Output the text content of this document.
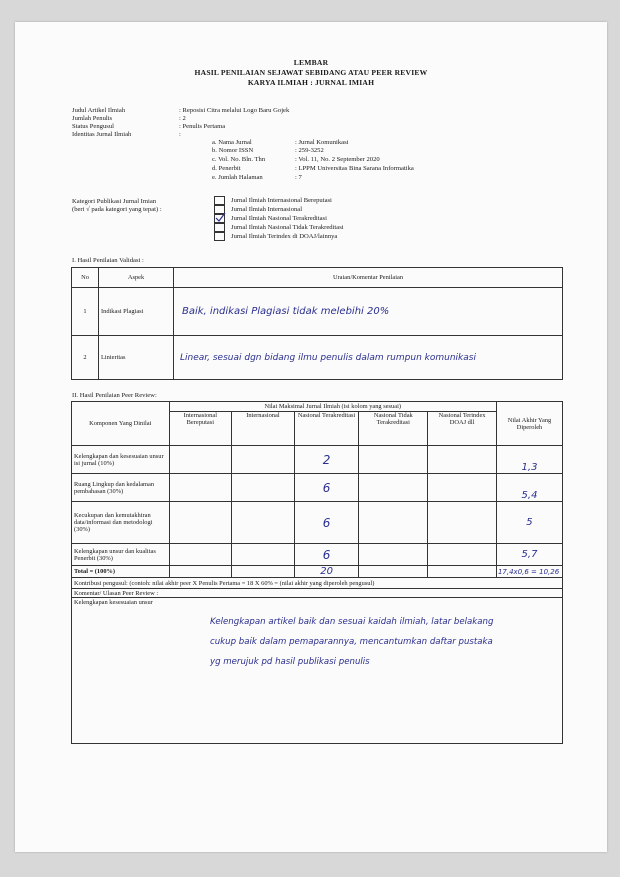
LEMBAR
HASIL PENILAIAN SEJAWAT SEBIDANG ATAU PEER REVIEW
KARYA ILMIAH : JURNAL IMIAH
Judul Artikel Ilmiah	: Reposisi Citra melalui Logo Baru Gojek
Jumlah Penulis	: 2
Status Pengusul	: Penulis Pertama
Identitas Jurnal Ilmiah	:
a. Nama Jurnal	: Jurnal Komunikasi
b. Nomor ISSN	: 259-3252
c. Vol. No. Bln. Thn	: Vol. 11, No. 2 September 2020
d. Penerbit	: LPPM Universitas Bina Sarana Informatika
e. Jumlah Halaman	: 7
Kategori Publikasi Jurnal Imian
(beri √ pada kategori yang tepat) :
Jurnal Ilmiah Internasional Bereputasi
Jurnal Ilmiah Internasional
Jurnal Ilmiah Nasional Terakreditasi
Jurnal Ilmiah Nasional Tidak Terakreditasi
Jurnal Ilmiah Terindex di DOAJ/lainnya
I. Hasil Penilaian Validasi :
No	Aspek	Uraian/Komentar Penilaian
1	Indikasi Plagiasi	Baik, indikasi Plagiasi tidak melebihi 20%
2	Linieritas	Linear, sesuai dgn bidang ilmu penulis dalam rumpun komunikasi
II. Hasil Penilaian Peer Review:
Komponen Yang Dinilai	Nilai Maksimal Jurnal Ilmiah (isi kolom yang sesuai)					Nilai Akhir Yang Diperoleh
	Internasional Bereputasi	Internasional	Nasional Terakreditasi	Nasional Tidak Terakreditasi	Nasional Terindex DOAJ dll	
Kelengkapan dan kesesuaian unsur isi jurnal (10%)			2			1,3
Ruang Lingkup dan kedalaman pembahasan (30%)			6			5,4
Kecukupan dan kemutakhiran data/informasi dan metodologi (30%)			6			5
Kelengkapan unsur dan kualitas Penerbit (30%)			6			5,7
Total = (100%)			20			17,4x0,6 = 10,26
Kontribusi pengusul: (contoh: nilai akhir peer X Penulis Pertama = 18 X 60% = (nilai akhir yang diperoleh pengusul)						
Komentar/ Ulasan Peer Review :						

Kelengkapan kesesuaian unsur
Kelengkapan artikel baik dan sesuai kaidah ilmiah, latar belakang
cukup baik dalam pemaparannya, mencantumkan daftar pustaka
yg merujuk pd hasil publikasi penulis						
